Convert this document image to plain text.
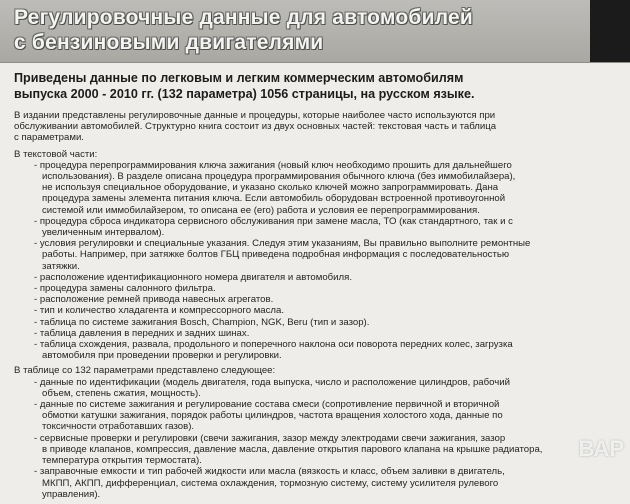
Регулировочные данные для автомобилей
с бензиновыми двигателями
Приведены данные по легковым и легким коммерческим автомобилям
выпуска 2000 - 2010 гг. (132 параметра) 1056 страницы, на русском языке.

В издании представлены регулировочные данные и процедуры, которые наиболее часто используются при
обслуживании автомобилей. Структурно книга состоит из двух основных частей: текстовая часть и таблица
с параметрами.

В текстовой части:
- процедура перепрограммирования ключа зажигания (новый ключ необходимо прошить для дальнейшего
использования). В разделе описана процедура программирования обычного ключа (без иммобилайзера),
не используя специальное оборудование, и указано сколько ключей можно запрограммировать. Дана
процедура замены элемента питания ключа. Если автомобиль оборудован встроенной противоугонной
системой или иммобилайзером, то описана ее (его) работа и условия ее перепрограммирования.
- процедура сброса индикатора сервисного обслуживания при замене масла, ТО (как стандартного, так и с
увеличенным интервалом).
- условия регулировки и специальные указания. Следуя этим указаниям, Вы правильно выполните ремонтные
работы. Например, при затяжке болтов ГБЦ приведена подробная информация с последовательностью
затяжки.
- расположение идентификационного номера двигателя и автомобиля.
- процедура замены салонного фильтра.
- расположение ремней привода навесных агрегатов.
- тип и количество хладагента и компрессорного масла.
- таблица по системе зажигания Bosch, Champion, NGK, Beru (тип и зазор).
- таблица давления в передних и задних шинах.
- таблица схождения, развала, продольного и поперечного наклона оси поворота передних колес, загрузка
автомобиля при проведении проверки и регулировки.
В таблице со 132 параметрами представлено следующее:
- данные по идентификации (модель двигателя, года выпуска, число и расположение цилиндров, рабочий
объем, степень сжатия, мощность).
- данные по системе зажигания и регулирование состава смеси (сопротивление первичной и вторичной
обмотки катушки зажигания, порядок работы цилиндров, частота вращения холостого хода, данные по
токсичности отработавших газов).
- сервисные проверки и регулировки (свечи зажигания, зазор между электродами свечи зажигания, зазор
в приводе клапанов, компрессия, давление масла, давление открытия парового клапана на крышке радиатора,
температура открытия термостата).
- заправочные емкости и тип рабочей жидкости или масла (вязкость и класс, объем заливки в двигатель,
МКПП, АКПП, дифференциал, система охлаждения, тормозную систему, систему усилителя рулевого
управления).
ВАР
